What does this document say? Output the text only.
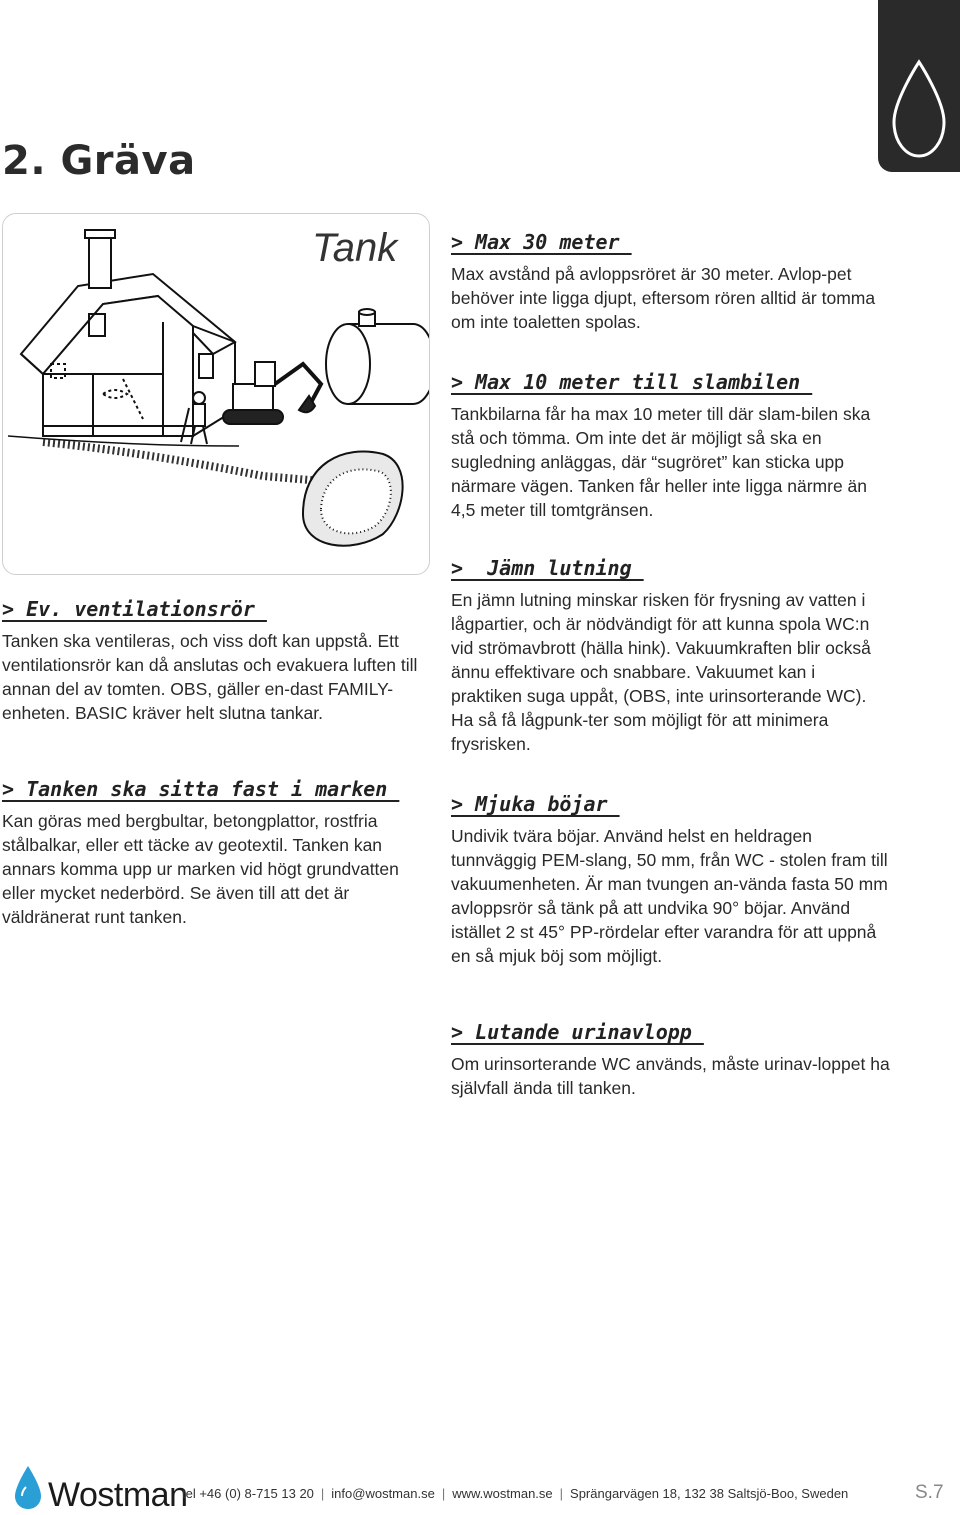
2. Gräva
Tank	> Max 30 meter
Max avstånd på avloppsröret är 30 meter. Avlop-pet behöver inte ligga djupt, eftersom rören alltid är tomma om inte toaletten spolas.
> Max 10 meter till slambilen
Tankbilarna får ha max 10 meter till där slam-bilen ska stå och tömma. Om inte det är möjligt så ska en sugledning anläggas, där “sugröret” kan sticka upp närmare vägen. Tanken får heller inte ligga närmre än 4,5 meter till tomtgränsen.
>  Jämn lutning
En jämn lutning minskar risken för frysning av vatten i lågpartier, och är nödvändigt för att kunna spola WC:n vid strömavbrott (hälla hink). Vakuumkraften blir också ännu effektivare och snabbare. Vakuumet kan i praktiken suga uppåt, (OBS, inte urinsorterande WC). Ha så få lågpunk-ter som möjligt för att minimera frysrisken.
> Mjuka böjar
Undivik tvära böjar. Använd helst en heldragen tunnväggig PEM-slang, 50 mm, från WC - stolen fram till vakuumenheten. Är man tvungen an-vända fasta 50 mm avloppsrör så tänk på att undvika 90° böjar. Använd istället 2 st 45° PP-rördelar efter varandra för att uppnå en så mjuk böj som möjligt.
> Lutande urinavlopp
Om urinsorterande WC används, måste urinav-loppet ha självfall ända till tanken.
> Ev. ventilationsrör
Tanken ska ventileras, och viss doft kan uppstå. Ett ventilationsrör kan då anslutas och evakuera luften till annan del av tomten. OBS, gäller en-dast FAMILY-enheten. BASIC kräver helt slutna tankar.
> Tanken ska sitta fast i marken
Kan göras med bergbultar, betongplattor, rostfria stålbalkar, eller ett täcke av geotextil. Tanken kan annars komma upp ur marken vid högt grundvatten eller mycket nederbörd. Se även till att det är väldränerat runt tanken.
Wostman
tel +46 (0) 8-715 13 20 | info@wostman.se | www.wostman.se | Sprängarvägen 18, 132 38 Saltsjö-Boo, Sweden	S.7
